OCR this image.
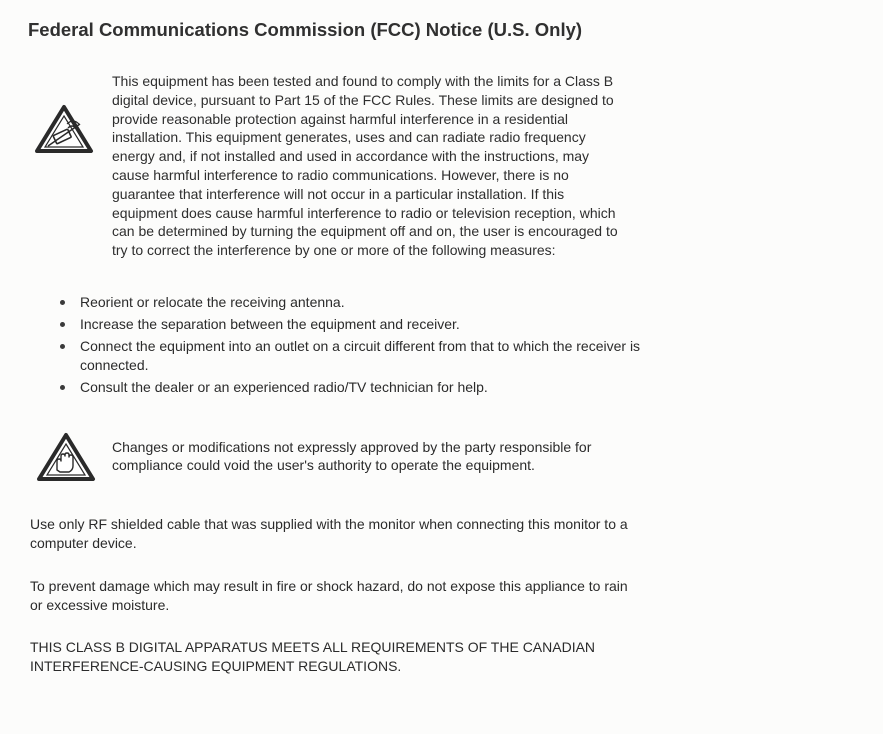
Federal Communications Commission (FCC) Notice (U.S. Only)
This equipment has been tested and found to comply with the limits for a Class B
digital device, pursuant to Part 15 of the FCC Rules. These limits are designed to
provide reasonable protection against harmful interference in a residential
installation. This equipment generates, uses and can radiate radio frequency
energy and, if not installed and used in accordance with the instructions, may
cause harmful interference to radio communications. However, there is no
guarantee that interference will not occur in a particular installation. If this
equipment does cause harmful interference to radio or television reception, which
can be determined by turning the equipment off and on, the user is encouraged to
try to correct the interference by one or more of the following measures:
Reorient or relocate the receiving antenna.
Increase the separation between the equipment and receiver.
Connect the equipment into an outlet on a circuit different from that to which the receiver is
connected.
Consult the dealer or an experienced radio/TV technician for help.
Changes or modifications not expressly approved by the party responsible for
compliance could void the user's authority to operate the equipment.
Use only RF shielded cable that was supplied with the monitor when connecting this monitor to a
computer device.
To prevent damage which may result in fire or shock hazard, do not expose this appliance to rain
or excessive moisture.
THIS CLASS B DIGITAL APPARATUS MEETS ALL REQUIREMENTS OF THE CANADIAN
INTERFERENCE-CAUSING EQUIPMENT REGULATIONS.
